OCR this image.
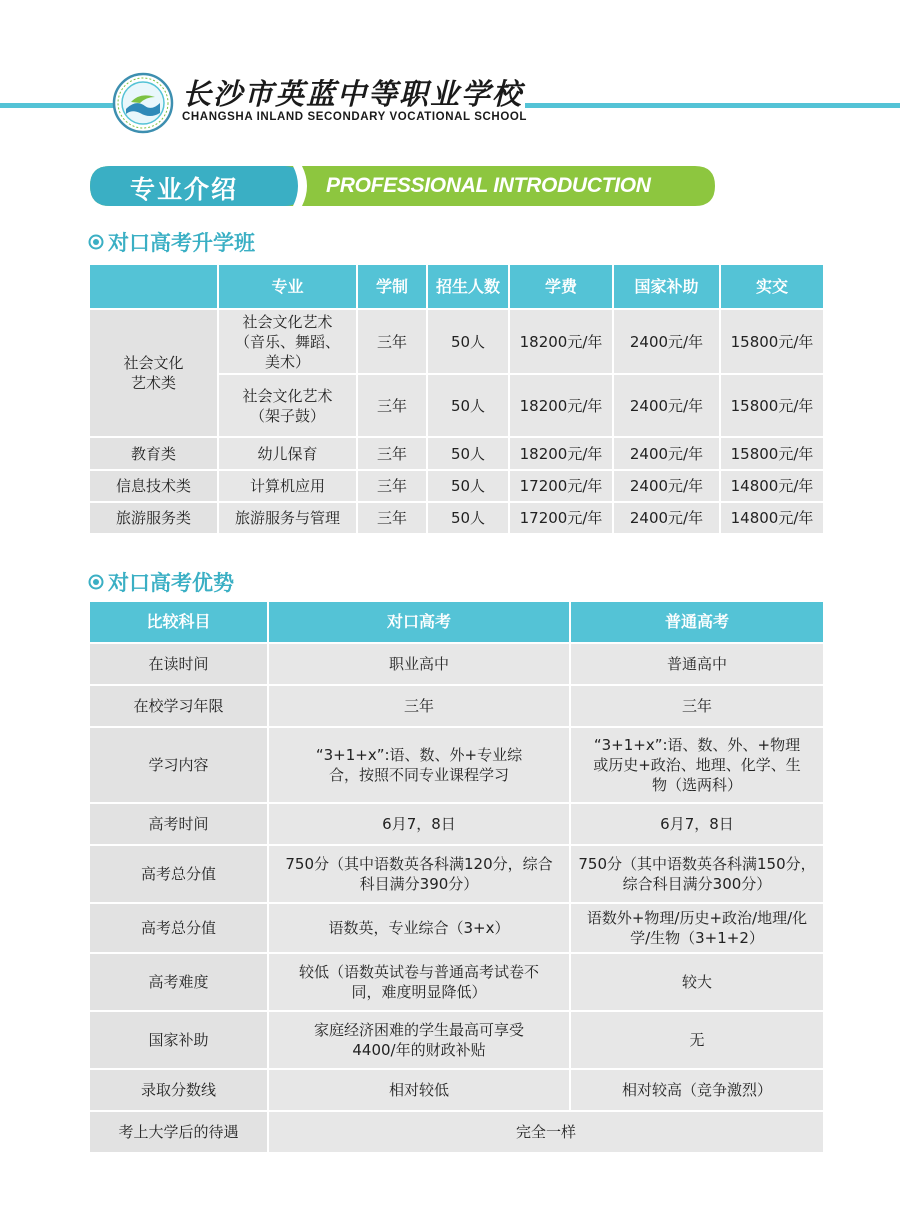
长沙市英蓝中等职业学校
CHANGSHA INLAND SECONDARY VOCATIONAL SCHOOL
专业介绍	PROFESSIONAL INTRODUCTION
对口高考升学班
	专业	学制	招生人数	学费	国家补助	实交
社会文化艺术类	社会文化艺术（音乐、舞蹈、美术）	三年	50人	18200元/年	2400元/年	15800元/年
	社会文化艺术（架子鼓）	三年	50人	18200元/年	2400元/年	15800元/年
教育类	幼儿保育	三年	50人	18200元/年	2400元/年	15800元/年
信息技术类	计算机应用	三年	50人	17200元/年	2400元/年	14800元/年
旅游服务类	旅游服务与管理	三年	50人	17200元/年	2400元/年	14800元/年
对口高考优势
比较科目	对口高考	普通高考
在读时间	职业高中	普通高中
在校学习年限	三年	三年
学习内容	“3+1+x”:语、数、外+专业综合，按照不同专业课程学习	“3+1+x”:语、数、外、+物理或历史+政治、地理、化学、生物（选两科）
高考时间	6月7，8日	6月7，8日
高考总分值	750分（其中语数英各科满120分，综合科目满分390分）	750分（其中语数英各科满150分，综合科目满分300分）
高考总分值	语数英，专业综合（3+x）	语数外+物理/历史+政治/地理/化学/生物（3+1+2）
高考难度	较低（语数英试卷与普通高考试卷不同，难度明显降低）	较大
国家补助	家庭经济困难的学生最高可享受4400/年的财政补贴	无
录取分数线	相对较低	相对较高（竞争激烈）
考上大学后的待遇	完全一样	
